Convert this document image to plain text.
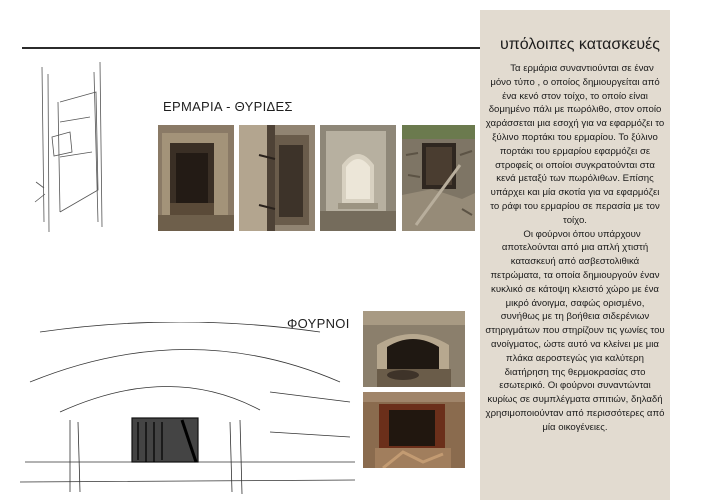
υπόλοιπες κατασκευές

Τα ερμάρια συναντιούνται σε έναν μόνο τύπο , ο οποίος δημιουργείται από ένα κενό στον τοίχο, το οποίο είναι δομημένο πάλι με πωρόλιθο, στον οποίο χαράσσεται μια εσοχή για να εφαρμόζει το ξύλινο πορτάκι του ερμαρίου. Το ξύλινο πορτάκι του ερμαρίου εφαρμόζει σε στροφείς οι οποίοι συγκρατούνται στα κενά μεταξύ των πωρόλιθων. Επίσης υπάρχει και μία σκοτία για να εφαρμόζει το ράφι του ερμαρίου σε περασία με τον τοίχο.

Οι φούρνοι όπου υπάρχουν αποτελούνται από μια απλή χτιστή κατασκευή από ασβεστολιθικά πετρώματα, τα οποία δημιουργούν έναν κυκλικό σε κάτοψη κλειστό χώρο με ένα μικρό άνοιγμα, σαφώς ορισμένο, συνήθως με τη βοήθεια σιδερένιων στηριγμάτων που στηρίζουν τις γωνίες του ανοίγματος, ώστε αυτό να κλείνει με μια πλάκα αεροστεγώς για καλύτερη διατήρηση της θερμοκρασίας στο εσωτερικό. Οι φούρνοι συναντώνται κυρίως σε συμπλέγματα σπιτιών, δηλαδή χρησιμοποιούνταν από περισσότερες από μία οικογένειες.

ΕΡΜΑΡΙΑ - ΘΥΡΙΔΕΣ
ΦΟΥΡΝΟΙ
